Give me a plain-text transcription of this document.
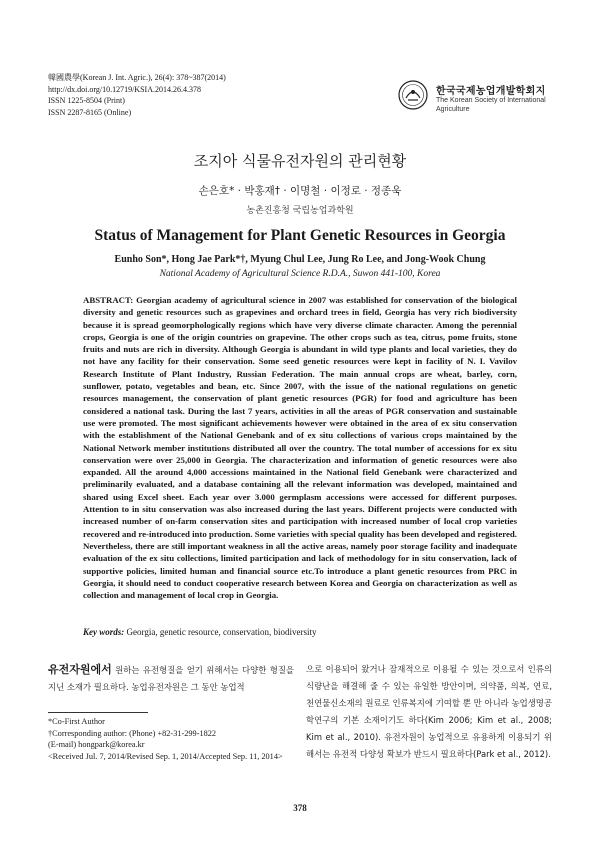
韓國農學(Korean J. Int. Agric.), 26(4): 378~387(2014)
http://dx.doi.org/10.12719/KSIA.2014.26.4.378
ISSN 1225-8504 (Print)
ISSN 2287-8165 (Online)
한국국제농업개발학회지
The Korean Society of International Agriculture
조지아 식물유전자원의 관리현황
손은호* · 박홍재† · 이명철 · 이정로 · 정종욱
농촌진흥청 국립농업과학원
Status of Management for Plant Genetic Resources in Georgia
Eunho Son*, Hong Jae Park*†, Myung Chul Lee, Jung Ro Lee, and Jong-Wook Chung
National Academy of Agricultural Science R.D.A., Suwon 441-100, Korea
ABSTRACT: Georgian academy of agricultural science in 2007 was established for conservation of the biological diversity and genetic resources such as grapevines and orchard trees in field, Georgia has very rich biodiversity because it is spread geomorphologically regions which have very diverse climate character. Among the perennial crops, Georgia is one of the origin countries on grapevine. The other crops such as tea, citrus, pome fruits, stone fruits and nuts are rich in diversity. Although Georgia is abundant in wild type plants and local varieties, they do not have any facility for their conservation. Some seed genetic resources were kept in facility of N. I. Vavilov Research Institute of Plant Industry, Russian Federation. The main annual crops are wheat, barley, corn, sunflower, potato, vegetables and bean, etc. Since 2007, with the issue of the national regulations on genetic resources management, the conservation of plant genetic resources (PGR) for food and agriculture has been considered a national task. During the last 7 years, activities in all the areas of PGR conservation and sustainable use were promoted. The most significant achievements however were obtained in the area of ex situ conservation with the establishment of the National Genebank and of ex situ collections of various crops maintained by the National Network member institutions distributed all over the country. The total number of accessions for ex situ conservation were over 25,000 in Georgia. The characterization and information of genetic resources were also expanded. All the around 4,000 accessions maintained in the National field Genebank were characterized and preliminarily evaluated, and a database containing all the relevant information was developed, maintained and shared using Excel sheet. Each year over 3.000 germplasm accessions were accessed for different purposes. Attention to in situ conservation was also increased during the last years. Different projects were conducted with increased number of on-farm conservation sites and participation with increased number of local crop varieties recovered and re-introduced into production. Some varieties with special quality has been developed and registered. Nevertheless, there are still important weakness in all the active areas, namely poor storage facility and inadequate evaluation of the ex situ collections, limited participation and lack of methodology for in situ conservation, lack of supportive policies, limited human and financial source etc.To introduce a plant genetic resources from PRC in Georgia, it should need to conduct cooperative research between Korea and Georgia on characterization as well as collection and management of local crop in Georgia.
Key words: Georgia, genetic resource, conservation, biodiversity
유전자원에서 원하는 유전형질을 얻기 위해서는 다양한 형질을 지닌 소재가 필요하다. 농업유전자원은 그 동안 농업적
으로 이용되어 왔거나 잠재적으로 이용될 수 있는 것으로서 인류의 식량난을 해결해 줄 수 있는 유일한 방안이며, 의약품, 의복, 연료, 천연물신소재의 원료로 인류복지에 기여할 뿐 만 아니라 농업생명공학연구의 기본 소재이기도 하다(Kim 2006; Kim et al., 2008; Kim et al., 2010). 유전자원이 농업적으로 유용하게 이용되기 위해서는 유전적 다양성 확보가 반드시 필요하다(Park et al., 2012).
*Co-First Author
†Corresponding author: (Phone) +82-31-299-1822
(E-mail) hongpark@korea.kr
<Received Jul. 7, 2014/Revised Sep. 1, 2014/Accepted Sep. 11, 2014>
378
